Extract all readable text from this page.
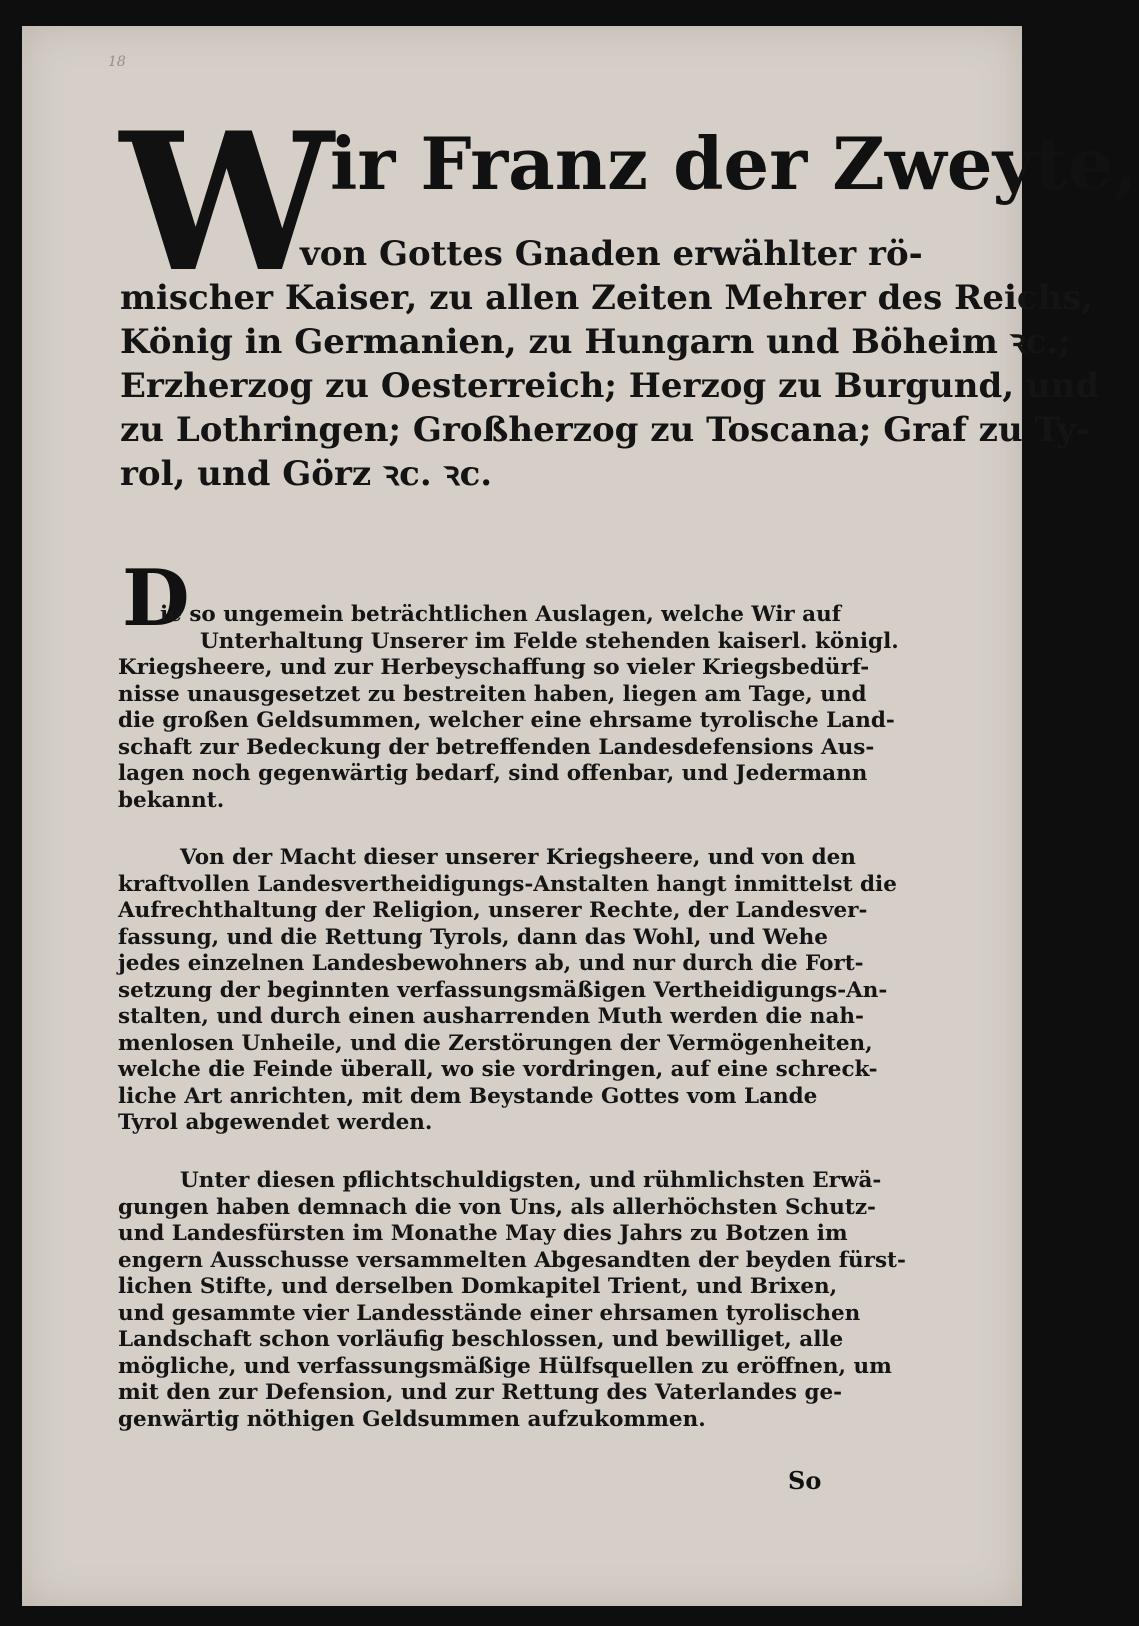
18
W
ir Franz der Zweyte,
von Gottes Gnaden erwählter rö-
mischer Kaiser, zu allen Zeiten Mehrer des Reichs,
König in Germanien, zu Hungarn und Böheim ꝛc.;
Erzherzog zu Oesterreich; Herzog zu Burgund, und
zu Lothringen; Großherzog zu Toscana; Graf zu Ty-
rol, und Görz ꝛc. ꝛc.
D
ie so ungemein beträchtlichen Auslagen, welche Wir auf
Unterhaltung Unserer im Felde stehenden kaiserl. königl.
Kriegsheere, und zur Herbeyschaffung so vieler Kriegsbedürf-
nisse unausgesetzet zu bestreiten haben, liegen am Tage, und
die großen Geldsummen, welcher eine ehrsame tyrolische Land-
schaft zur Bedeckung der betreffenden Landesdefensions Aus-
lagen noch gegenwärtig bedarf, sind offenbar, und Jedermann
bekannt.
Von der Macht dieser unserer Kriegsheere, und von den
kraftvollen Landesvertheidigungs-Anstalten hangt inmittelst die
Aufrechthaltung der Religion, unserer Rechte, der Landesver-
fassung, und die Rettung Tyrols, dann das Wohl, und Wehe
jedes einzelnen Landesbewohners ab, und nur durch die Fort-
setzung der beginnten verfassungsmäßigen Vertheidigungs-An-
stalten, und durch einen ausharrenden Muth werden die nah-
menlosen Unheile, und die Zerstörungen der Vermögenheiten,
welche die Feinde überall, wo sie vordringen, auf eine schreck-
liche Art anrichten, mit dem Beystande Gottes vom Lande
Tyrol abgewendet werden.
Unter diesen pflichtschuldigsten, und rühmlichsten Erwä-
gungen haben demnach die von Uns, als allerhöchsten Schutz-
und Landesfürsten im Monathe May dies Jahrs zu Botzen im
engern Ausschusse versammelten Abgesandten der beyden fürst-
lichen Stifte, und derselben Domkapitel Trient, und Brixen,
und gesammte vier Landesstände einer ehrsamen tyrolischen
Landschaft schon vorläufig beschlossen, und bewilliget, alle
mögliche, und verfassungsmäßige Hülfsquellen zu eröffnen, um
mit den zur Defension, und zur Rettung des Vaterlandes ge-
genwärtig nöthigen Geldsummen aufzukommen.
So
